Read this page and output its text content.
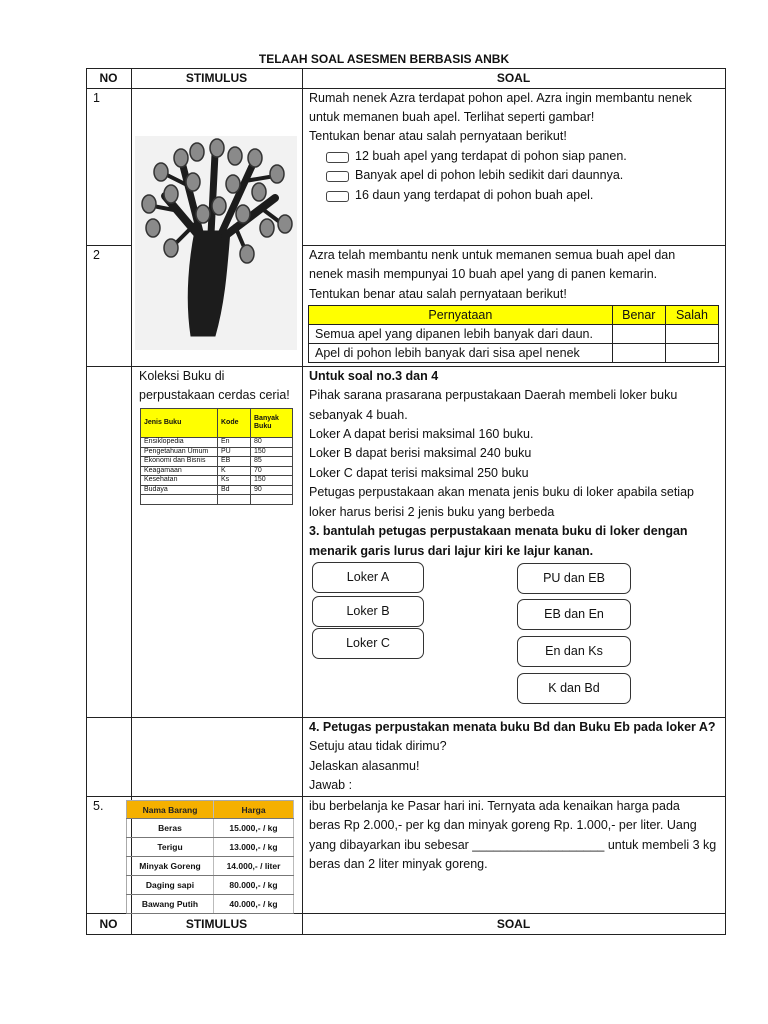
TELAAH SOAL ASESMEN BERBASIS ANBK
NO	STIMULUS	SOAL
NO	STIMULUS	SOAL
1	Rumah nenek Azra terdapat pohon apel. Azra ingin membantu nenek
untuk memanen buah apel. Terlihat seperti gambar!
Tentukan benar atau salah pernyataan berikut!
12 buah apel yang terdapat di pohon siap panen.
Banyak apel di pohon lebih sedikit dari daunnya.
16 daun yang terdapat di pohon buah apel.
2	Azra telah membantu nenk untuk memanen semua buah apel dan
nenek masih mempunyai 10 buah apel yang di panen kemarin.
Tentukan benar atau salah pernyataan berikut!
Pernyataan	Benar	Salah
Semua apel yang dipanen lebih banyak dari daun.		
Apel di pohon lebih banyak dari sisa apel nenek		
Koleksi Buku di
perpustakaan cerdas ceria!
Jenis Buku	Kode	Banyak Buku
Ensiklopedia	En	80
Pengetahuan Umum	PU	150
Ekonomi dan Bisnis	EB	85
Keagamaan	K	70
Kesehatan	Ks	150
Budaya	Bd	90

Untuk soal no.3 dan 4
Pihak sarana prasarana perpustakaan Daerah membeli loker buku
sebanyak 4 buah.
Loker A dapat berisi maksimal 160 buku.
Loker B dapat berisi maksimal 240 buku
Loker C dapat terisi maksimal 250 buku
Petugas perpustakaan akan menata jenis buku di loker apabila setiap
loker harus berisi 2 jenis buku yang berbeda
3. bantulah petugas perpustakaan menata buku di loker dengan
menarik garis lurus dari lajur kiri ke lajur kanan.
Loker A
Loker B
Loker C
PU dan EB
EB dan En
En dan Ks
K dan Bd
4. Petugas perpustakan menata buku Bd dan Buku Eb pada loker A?
Setuju atau tidak dirimu?
Jelaskan alasanmu!
Jawab :
5.	Nama Barang	Harga
Beras	15.000,- / kg
Terigu	13.000,- / kg
Minyak Goreng	14.000,- / liter
Daging sapi	80.000,- / kg
Bawang Putih	40.000,- / kg
ibu berbelanja ke Pasar hari ini. Ternyata ada kenaikan harga pada
beras Rp 2.000,- per kg dan minyak goreng Rp. 1.000,- per liter. Uang
yang dibayarkan ibu sebesar ___________________ untuk membeli 3 kg
beras dan 2 liter minyak goreng.
